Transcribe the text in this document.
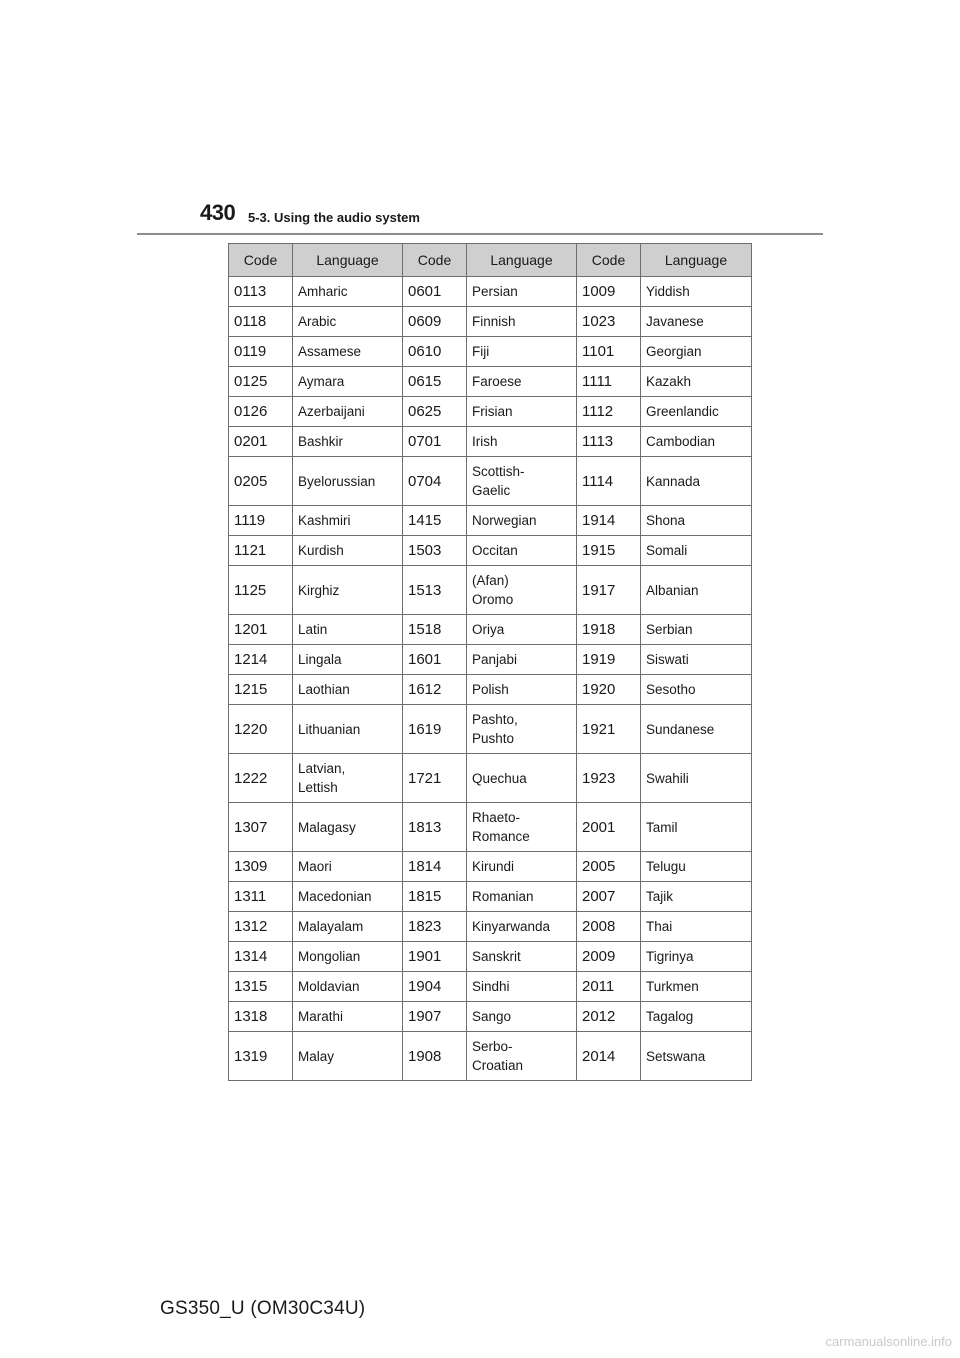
430 5-3. Using the audio system
Code	Language	Code	Language	Code	Language
0113	Amharic	0601	Persian	1009	Yiddish
0118	Arabic	0609	Finnish	1023	Javanese
0119	Assamese	0610	Fiji	1101	Georgian
0125	Aymara	0615	Faroese	1111	Kazakh
0126	Azerbaijani	0625	Frisian	1112	Greenlandic
0201	Bashkir	0701	Irish	1113	Cambodian
0205	Byelorussian	0704	Scottish-
Gaelic	1114	Kannada
1119	Kashmiri	1415	Norwegian	1914	Shona
1121	Kurdish	1503	Occitan	1915	Somali
1125	Kirghiz	1513	(Afan)
Oromo	1917	Albanian
1201	Latin	1518	Oriya	1918	Serbian
1214	Lingala	1601	Panjabi	1919	Siswati
1215	Laothian	1612	Polish	1920	Sesotho
1220	Lithuanian	1619	Pashto,
Pushto	1921	Sundanese
1222	Latvian,
Lettish	1721	Quechua	1923	Swahili
1307	Malagasy	1813	Rhaeto-
Romance	2001	Tamil
1309	Maori	1814	Kirundi	2005	Telugu
1311	Macedonian	1815	Romanian	2007	Tajik
1312	Malayalam	1823	Kinyarwanda	2008	Thai
1314	Mongolian	1901	Sanskrit	2009	Tigrinya
1315	Moldavian	1904	Sindhi	2011	Turkmen
1318	Marathi	1907	Sango	2012	Tagalog
1319	Malay	1908	Serbo-
Croatian	2014	Setswana
GS350_U (OM30C34U)
carmanualsonline.info
